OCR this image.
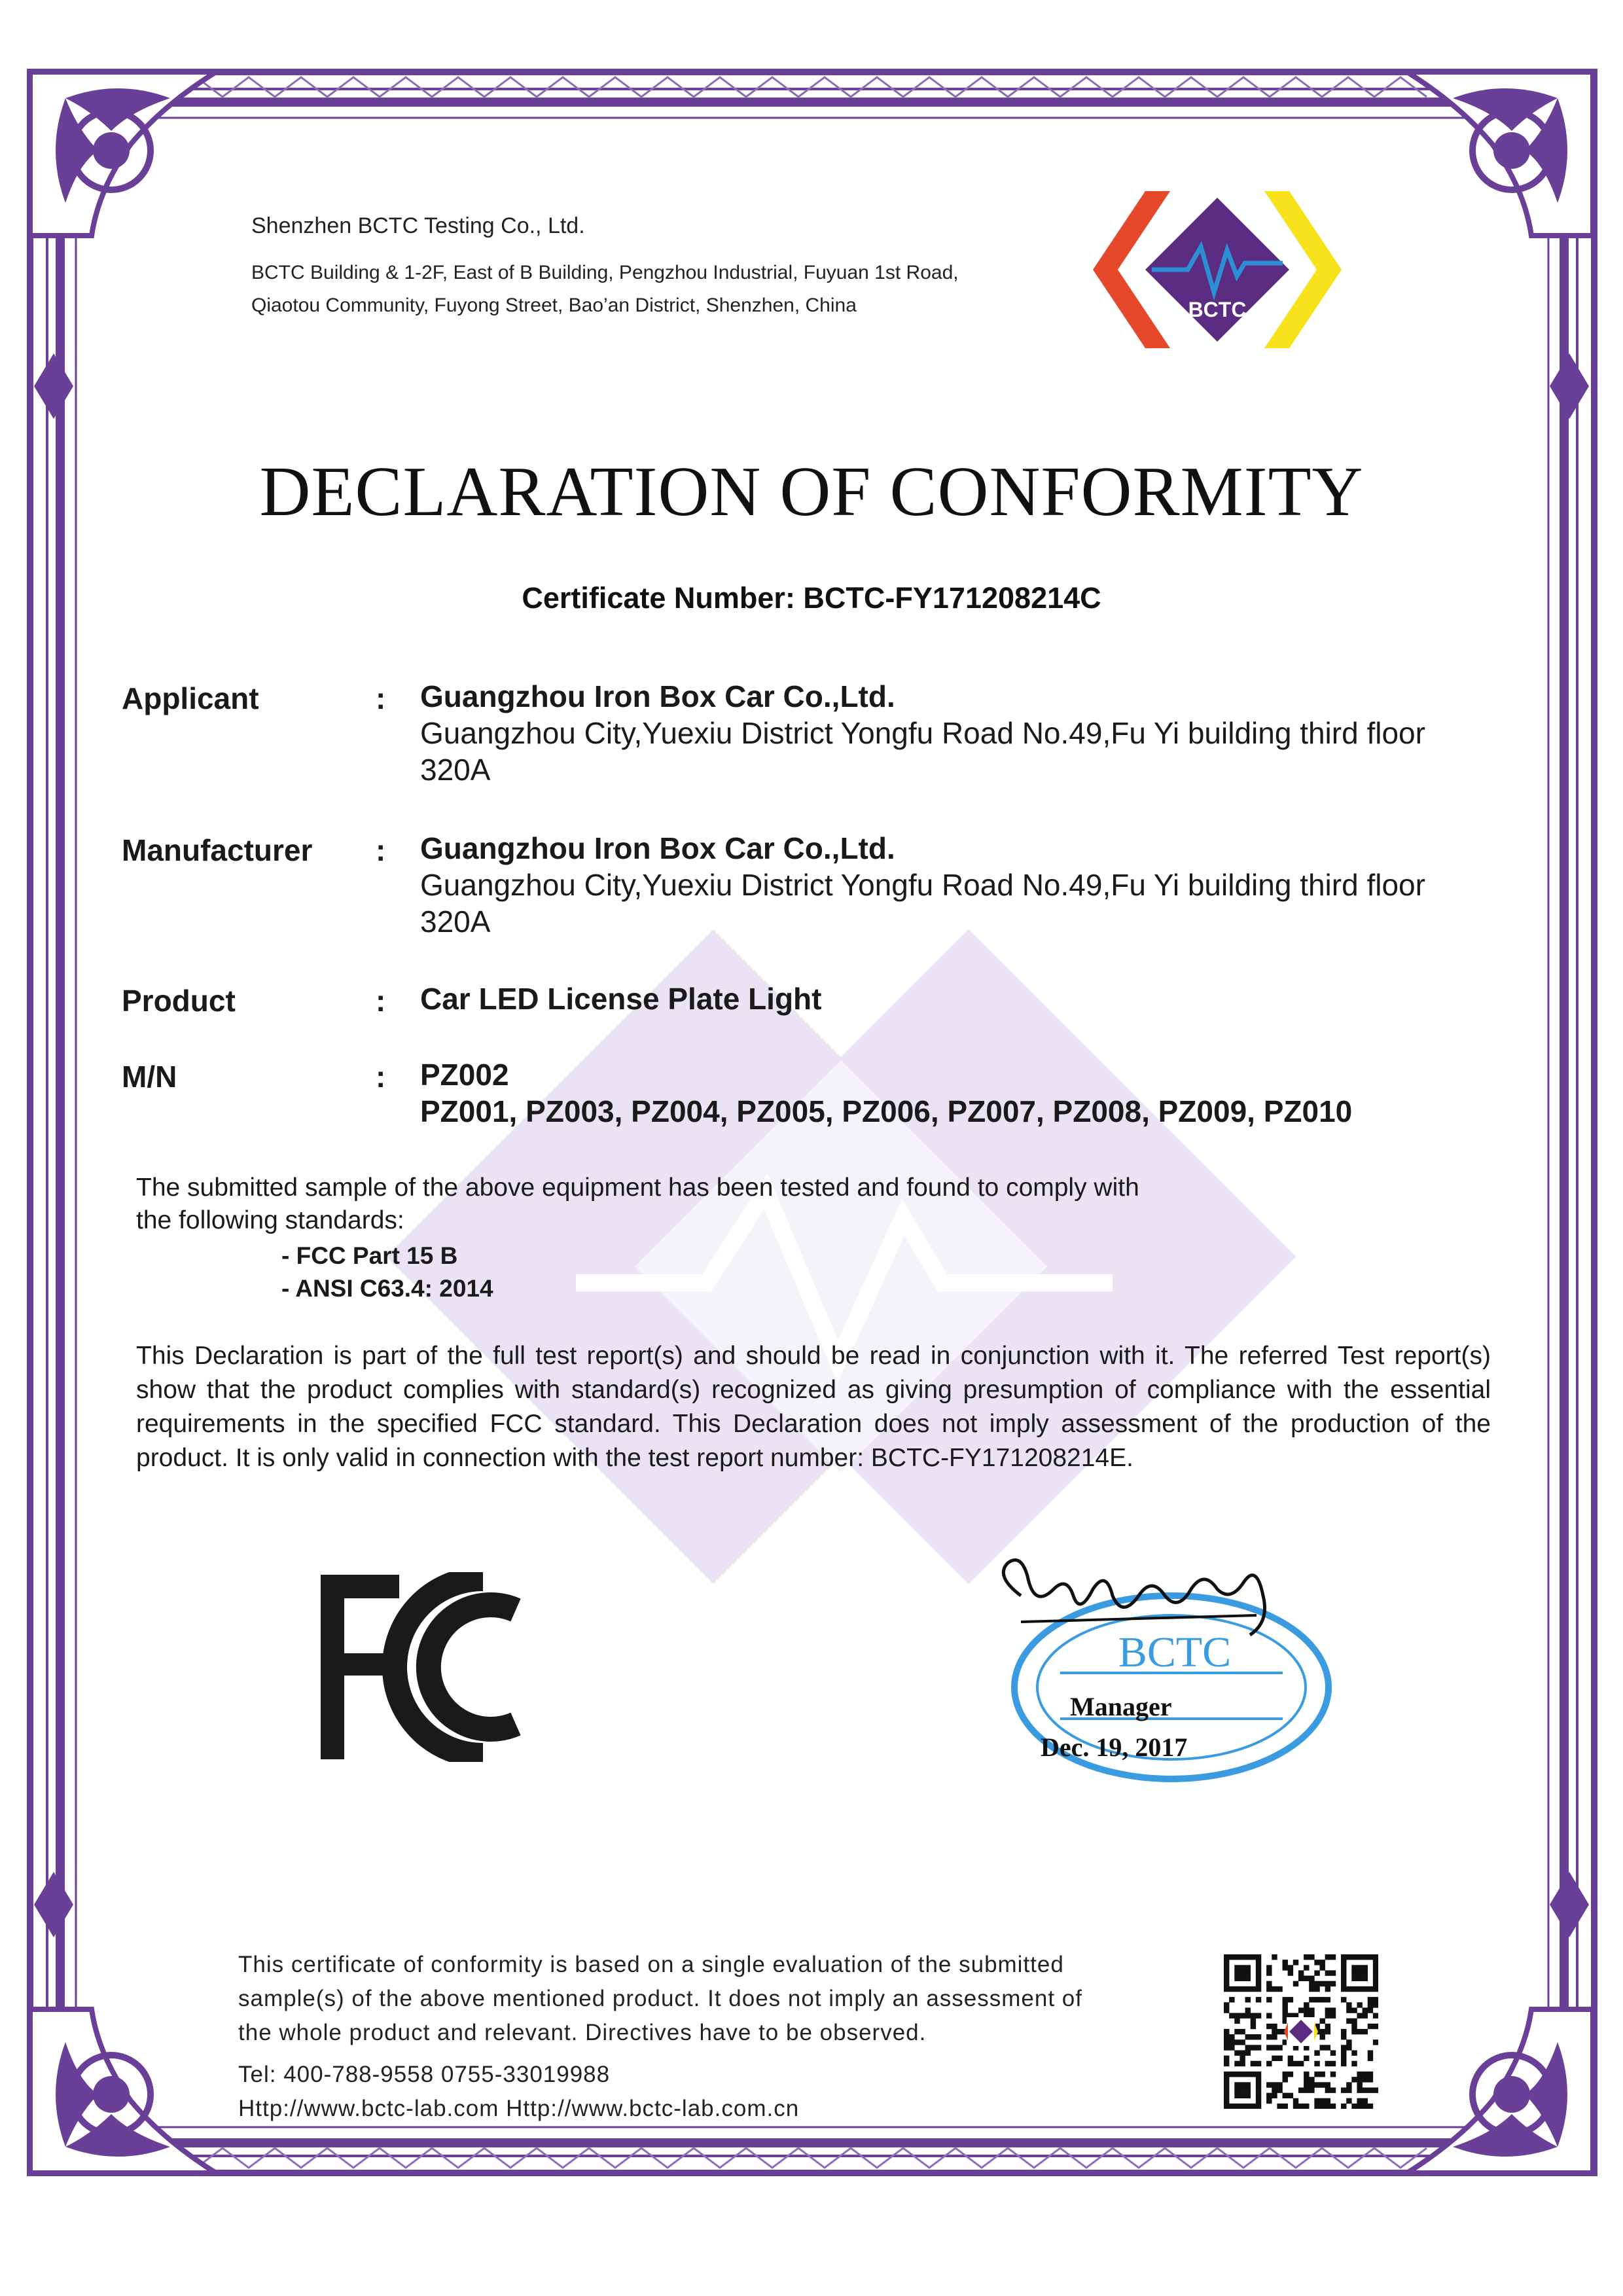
Shenzhen BCTC Testing Co., Ltd.
BCTC Building & 1-2F, East of B Building, Pengzhou Industrial, Fuyuan 1st Road,
Qiaotou Community, Fuyong Street, Bao’an District, Shenzhen, China	BCTC
DECLARATION OF CONFORMITY
Certificate Number: BCTC-FY171208214C
Applicant	: Guangzhou Iron Box Car Co.,Ltd.
Guangzhou City,Yuexiu District Yongfu Road No.49,Fu Yi building third floor
320A
Manufacturer : Guangzhou Iron Box Car Co.,Ltd.
Guangzhou City,Yuexiu District Yongfu Road No.49,Fu Yi building third floor
320A
Product	: Car LED License Plate Light
M/N	: PZ002
PZ001, PZ003, PZ004, PZ005, PZ006, PZ007, PZ008, PZ009, PZ010
The submitted sample of the above equipment has been tested and found to comply with
the following standards:
- FCC Part 15 B
- ANSI C63.4: 2014
This Declaration is part of the full test report(s) and should be read in conjunction with it. The referred Test report(s) show that the product complies with standard(s) recognized as giving presumption of compliance with the essential requirements in the specified FCC standard. This Declaration does not imply assessment of the production of the product. It is only valid in connection with the test report number: BCTC-FY171208214E.
BCTC
Manager
Dec. 19, 2017
This certificate of conformity is based on a single evaluation of the submitted
sample(s) of the above mentioned product. It does not imply an assessment of
the whole product and relevant. Directives have to be observed.
Tel: 400-788-9558 0755-33019988
Http://www.bctc-lab.com Http://www.bctc-lab.com.cn
